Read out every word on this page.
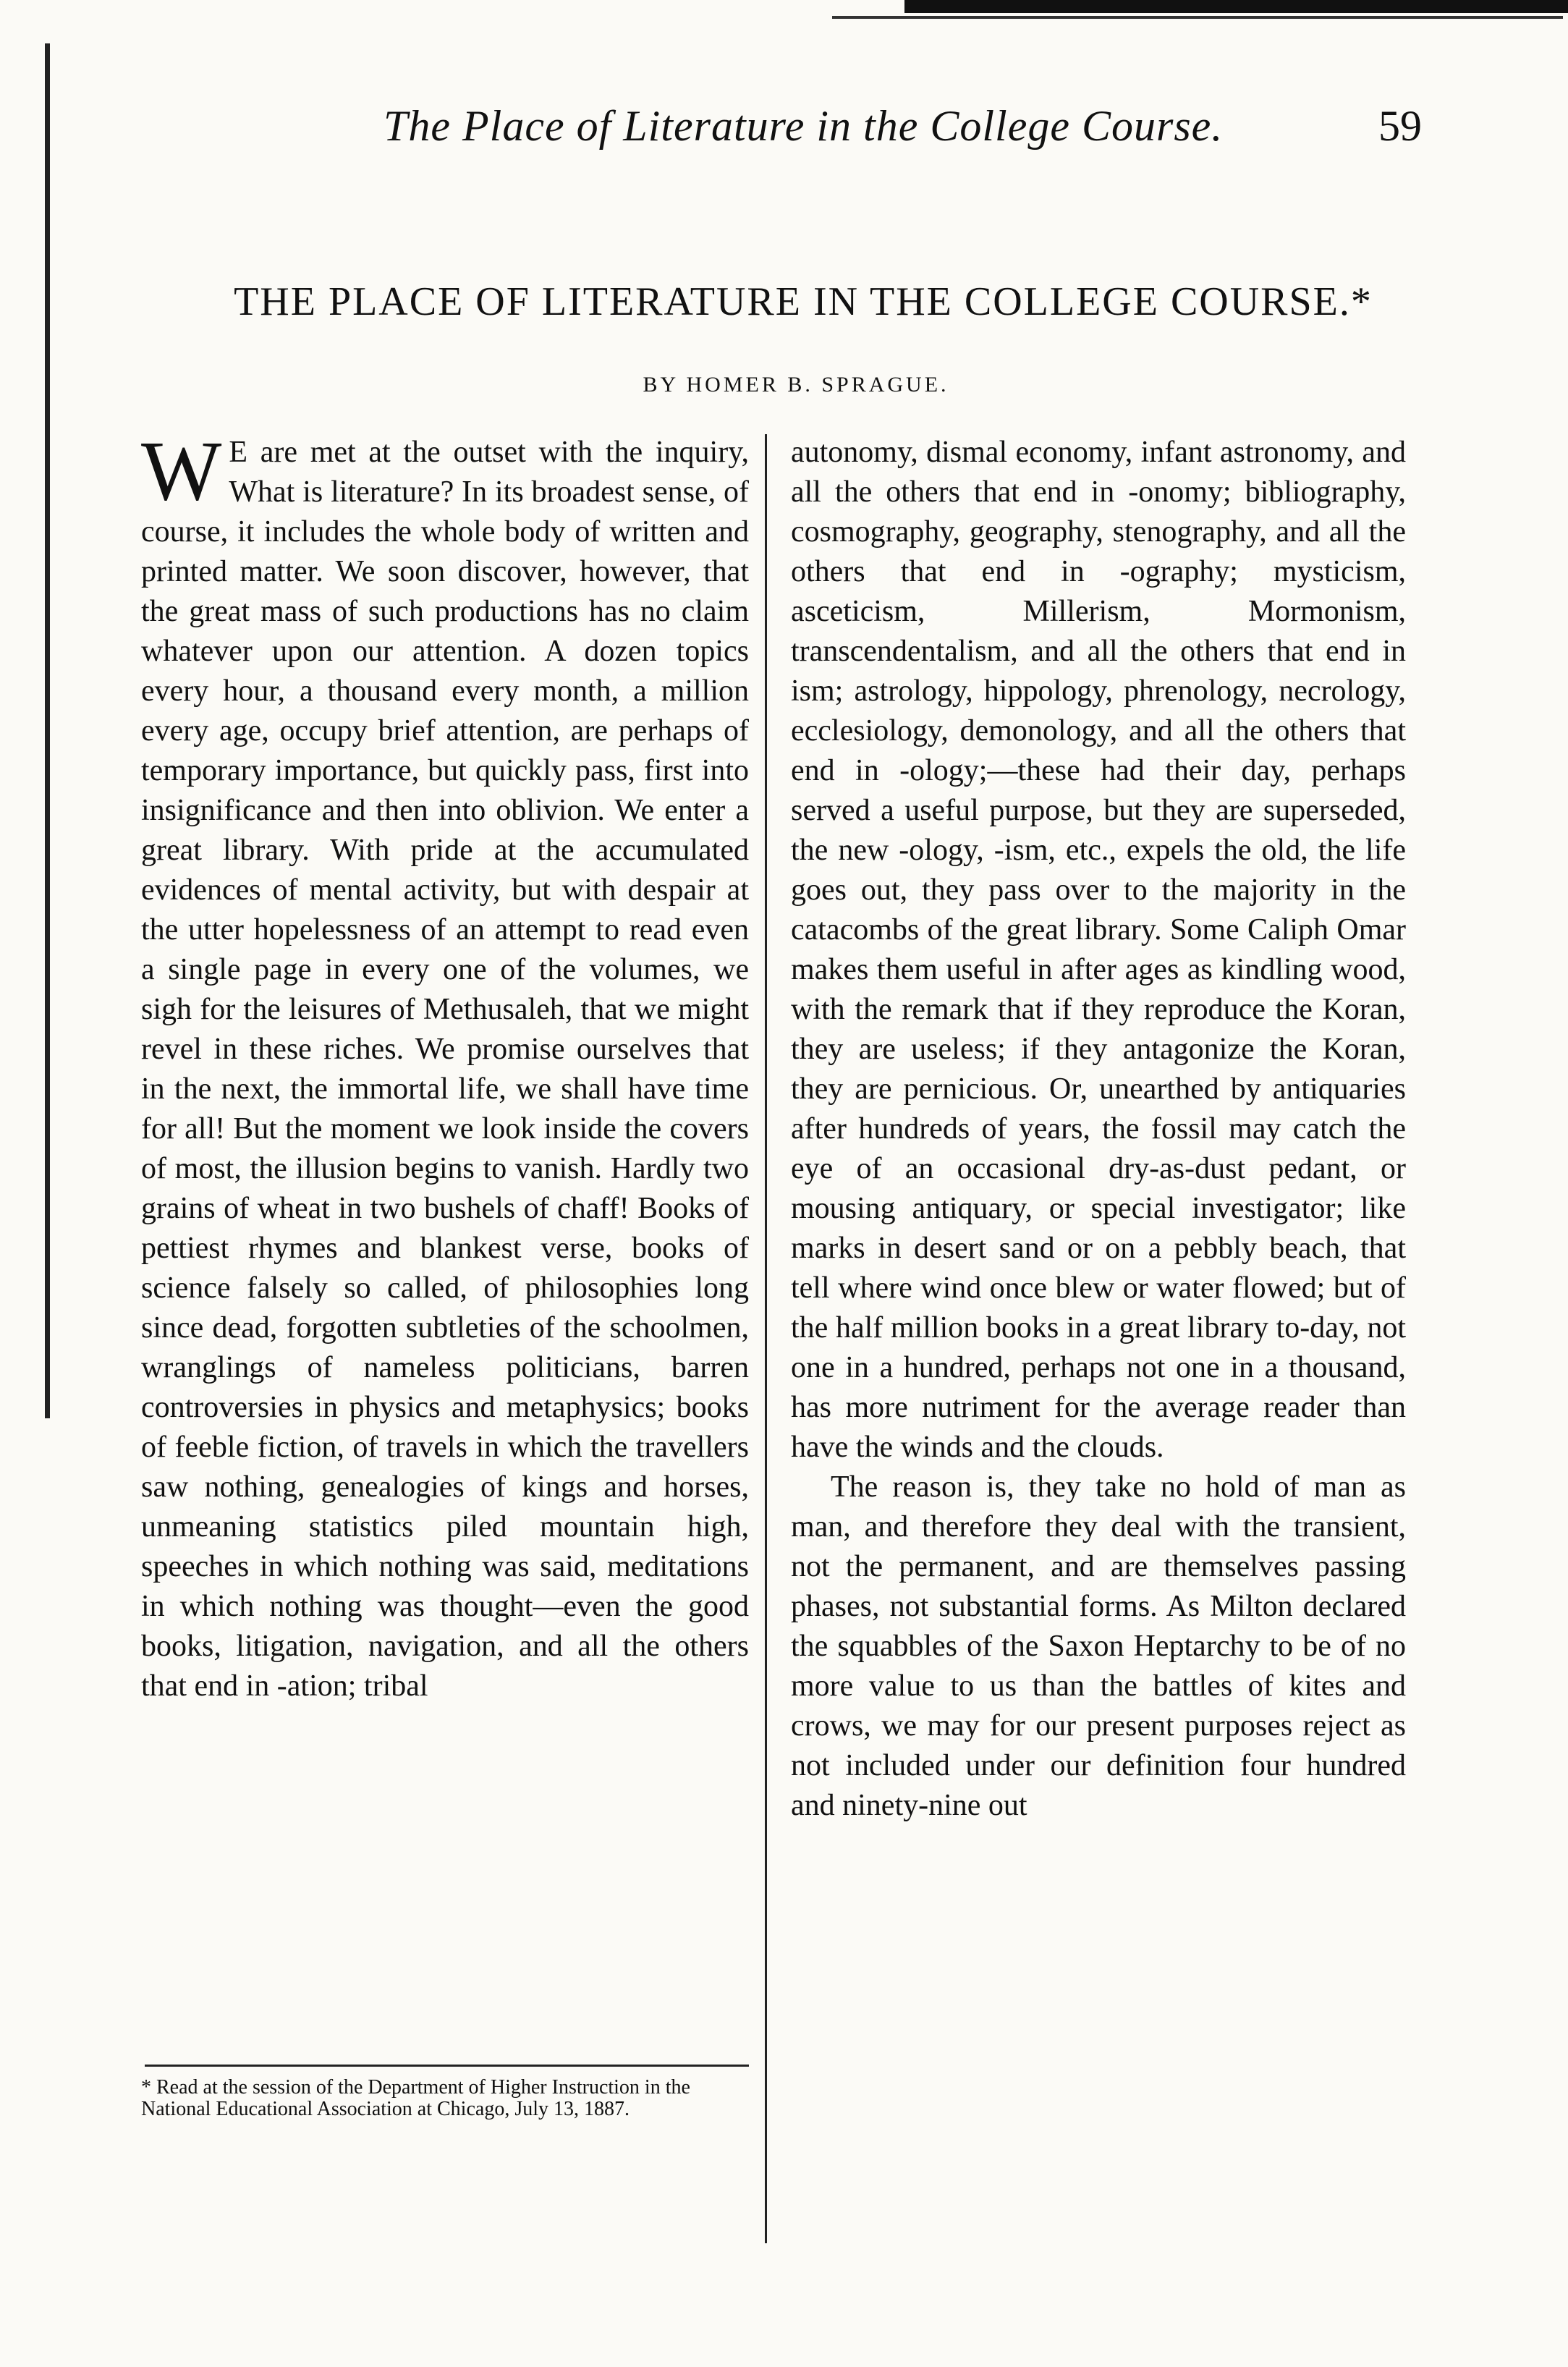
The Place of Literature in the College Course.	59
THE PLACE OF LITERATURE IN THE COLLEGE COURSE.*
BY HOMER B. SPRAGUE.

W E are met at the outset with the inquiry, What is literature? In its broadest sense, of course, it includes the whole body of written and printed matter. We soon discover, however, that the great mass of such productions has no claim whatever upon our attention. A dozen topics every hour, a thousand every month, a million every age, occupy brief attention, are perhaps of temporary importance, but quickly pass, first into insignificance and then into oblivion. We enter a great library. With pride at the accumulated evidences of mental activity, but with despair at the utter hopelessness of an attempt to read even a single page in every one of the volumes, we sigh for the leisures of Methusaleh, that we might revel in these riches. We promise ourselves that in the next, the immortal life, we shall have time for all! But the moment we look inside the covers of most, the illusion begins to vanish. Hardly two grains of wheat in two bushels of chaff! Books of pettiest rhymes and blankest verse, books of science falsely so called, of philosophies long since dead, forgotten subtleties of the schoolmen, wranglings of nameless politicians, barren controversies in physics and metaphysics; books of feeble fiction, of travels in which the travellers saw nothing, genealogies of kings and horses, unmeaning statistics piled mountain high, speeches in which nothing was said, meditations in which nothing was thought—even the good books, litigation, navigation, and all the others that end in -ation; tribal

autonomy, dismal economy, infant astronomy, and all the others that end in -onomy; bibliography, cosmography, geography, stenography, and all the others that end in -ography; mysticism, asceticism, Millerism, Mormonism, transcendentalism, and all the others that end in ism; astrology, hippology, phrenology, necrology, ecclesiology, demonology, and all the others that end in -ology;—these had their day, perhaps served a useful purpose, but they are superseded, the new -ology, -ism, etc., expels the old, the life goes out, they pass over to the majority in the catacombs of the great library. Some Caliph Omar makes them useful in after ages as kindling wood, with the remark that if they reproduce the Koran, they are useless; if they antagonize the Koran, they are pernicious. Or, unearthed by antiquaries after hundreds of years, the fossil may catch the eye of an occasional dry-as-dust pedant, or mousing antiquary, or special investigator; like marks in desert sand or on a pebbly beach, that tell where wind once blew or water flowed; but of the half million books in a great library to-day, not one in a hundred, perhaps not one in a thousand, has more nutriment for the average reader than have the winds and the clouds.

The reason is, they take no hold of man as man, and therefore they deal with the transient, not the permanent, and are themselves passing phases, not substantial forms. As Milton declared the squabbles of the Saxon Heptarchy to be of no more value to us than the battles of kites and crows, we may for our present purposes reject as not included under our definition four hundred and ninety-nine out

* Read at the session of the Department of Higher Instruction in the National Educational Association at Chicago, July 13, 1887.
